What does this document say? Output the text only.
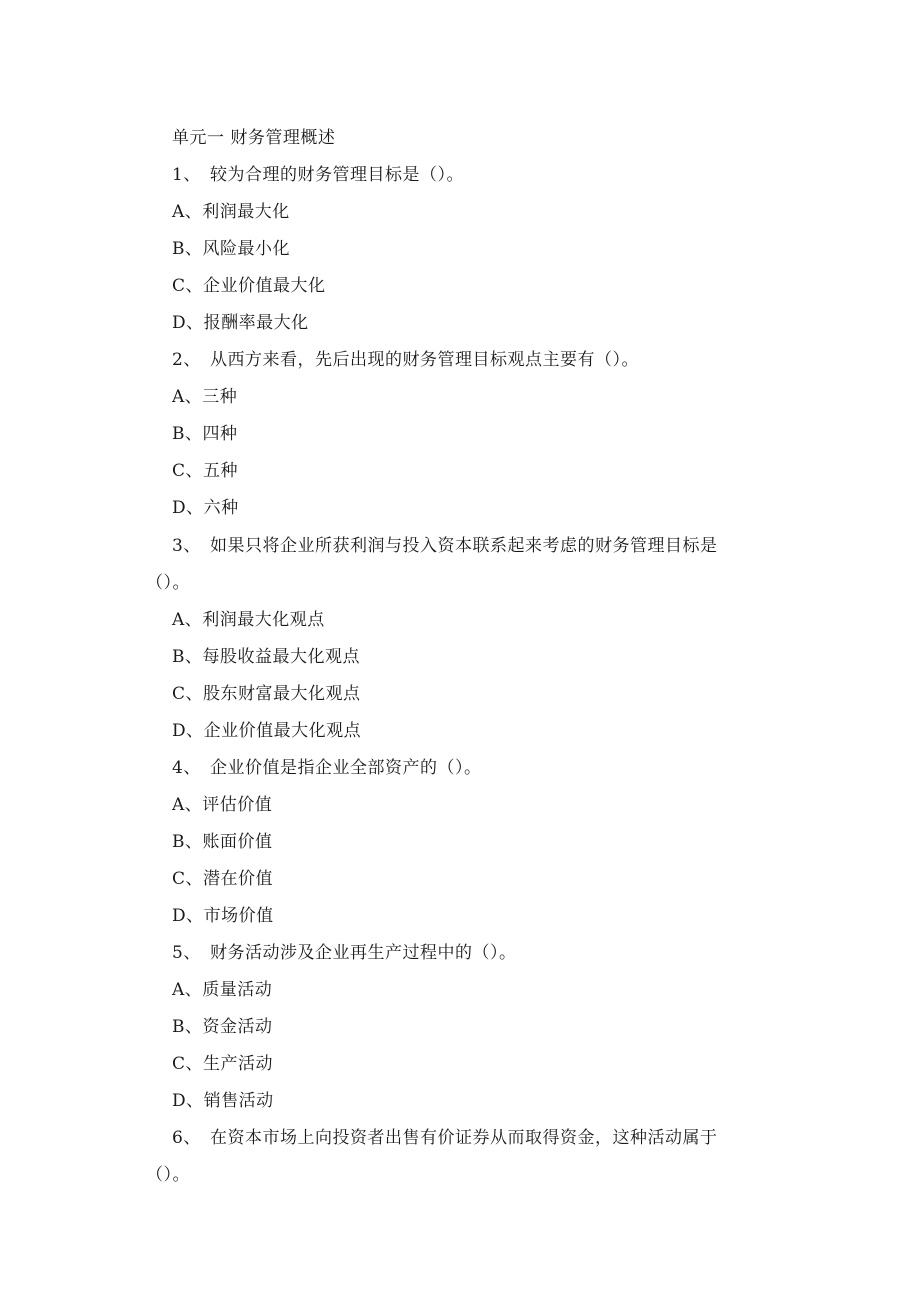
单元一 财务管理概述
1、 较为合理的财务管理目标是（）。
A、利润最大化
B、风险最小化
C、企业价值最大化
D、报酬率最大化
2、 从西方来看，先后出现的财务管理目标观点主要有（）。
A、三种
B、四种
C、五种
D、六种
3、 如果只将企业所获利润与投入资本联系起来考虑的财务管理目标是
（）。
A、利润最大化观点
B、每股收益最大化观点
C、股东财富最大化观点
D、企业价值最大化观点
4、 企业价值是指企业全部资产的（）。
A、评估价值
B、账面价值
C、潜在价值
D、市场价值
5、 财务活动涉及企业再生产过程中的（）。
A、质量活动
B、资金活动
C、生产活动
D、销售活动
6、 在资本市场上向投资者出售有价证券从而取得资金，这种活动属于
（）。
